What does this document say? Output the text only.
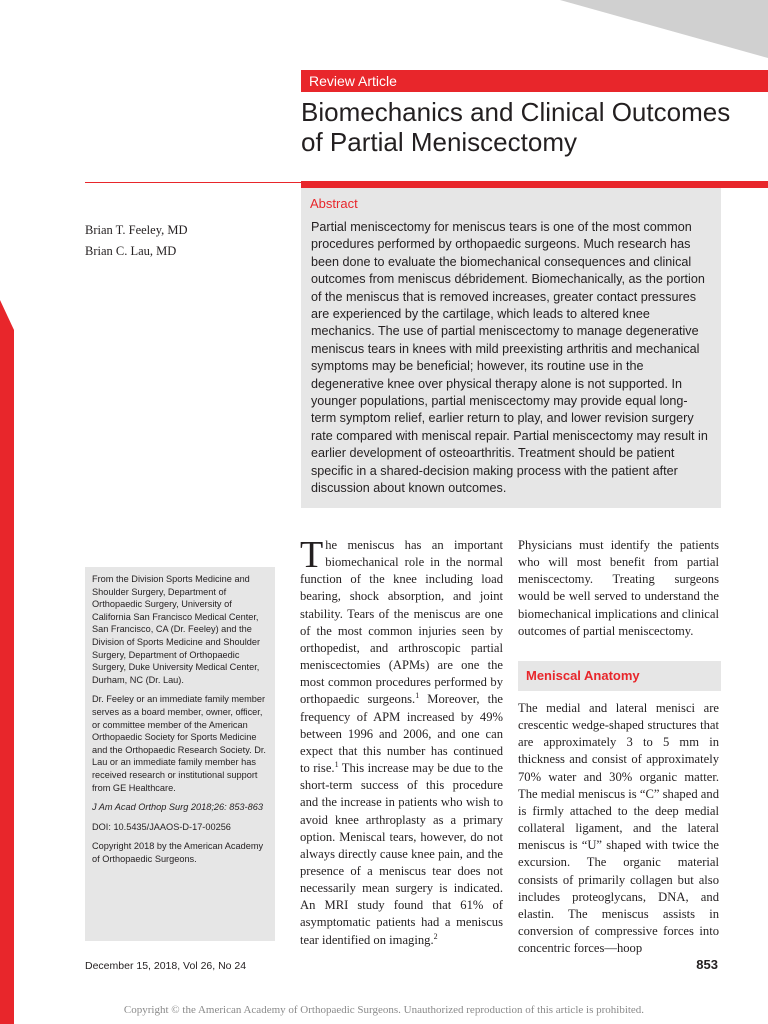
Review Article
Biomechanics and Clinical Outcomes of Partial Meniscectomy
Abstract
Partial meniscectomy for meniscus tears is one of the most common procedures performed by orthopaedic surgeons. Much research has been done to evaluate the biomechanical consequences and clinical outcomes from meniscus débridement. Biomechanically, as the portion of the meniscus that is removed increases, greater contact pressures are experienced by the cartilage, which leads to altered knee mechanics. The use of partial meniscectomy to manage degenerative meniscus tears in knees with mild preexisting arthritis and mechanical symptoms may be beneficial; however, its routine use in the degenerative knee over physical therapy alone is not supported. In younger populations, partial meniscectomy may provide equal long-term symptom relief, earlier return to play, and lower revision surgery rate compared with meniscal repair. Partial meniscectomy may result in earlier development of osteoarthritis. Treatment should be patient specific in a shared-decision making process with the patient after discussion about known outcomes.
Brian T. Feeley, MD
Brian C. Lau, MD

From the Division Sports Medicine and Shoulder Surgery, Department of Orthopaedic Surgery, University of California San Francisco Medical Center, San Francisco, CA (Dr. Feeley) and the Division of Sports Medicine and Shoulder Surgery, Department of Orthopaedic Surgery, Duke University Medical Center, Durham, NC (Dr. Lau).

Dr. Feeley or an immediate family member serves as a board member, owner, officer, or committee member of the American Orthopaedic Society for Sports Medicine and the Orthopaedic Research Society. Dr. Lau or an immediate family member has received research or institutional support from GE Healthcare.

J Am Acad Orthop Surg 2018;26: 853-863

DOI: 10.5435/JAAOS-D-17-00256

Copyright 2018 by the American Academy of Orthopaedic Surgeons.

The meniscus has an important biomechanical role in the normal function of the knee including load bearing, shock absorption, and joint stability. Tears of the meniscus are one of the most common injuries seen by orthopedist, and arthroscopic partial meniscectomies (APMs) are one the most common procedures performed by orthopaedic surgeons.$^1$ Moreover, the frequency of APM increased by 49% between 1996 and 2006, and one can expect that this number has continued to rise.$^1$ This increase may be due to the short-term success of this procedure and the increase in patients who wish to avoid knee arthroplasty as a primary option. Meniscal tears, however, do not always directly cause knee pain, and the presence of a meniscus tear does not necessarily mean surgery is indicated. An MRI study found that 61% of asymptomatic patients had a meniscus tear identified on imaging.$^2$

Physicians must identify the patients who will most benefit from partial meniscectomy. Treating surgeons would be well served to understand the biomechanical implications and clinical outcomes of partial meniscectomy.

Meniscal Anatomy
The medial and lateral menisci are crescentic wedge-shaped structures that are approximately 3 to 5 mm in thickness and consist of approximately 70% water and 30% organic matter. The medial meniscus is “C” shaped and is firmly attached to the deep medial collateral ligament, and the lateral meniscus is “U” shaped with twice the excursion. The organic material consists of primarily collagen but also includes proteoglycans, DNA, and elastin. The meniscus assists in conversion of compressive forces into concentric forces—hoop
December 15, 2018, Vol 26, No 24	853
Copyright © the American Academy of Orthopaedic Surgeons. Unauthorized reproduction of this article is prohibited.
